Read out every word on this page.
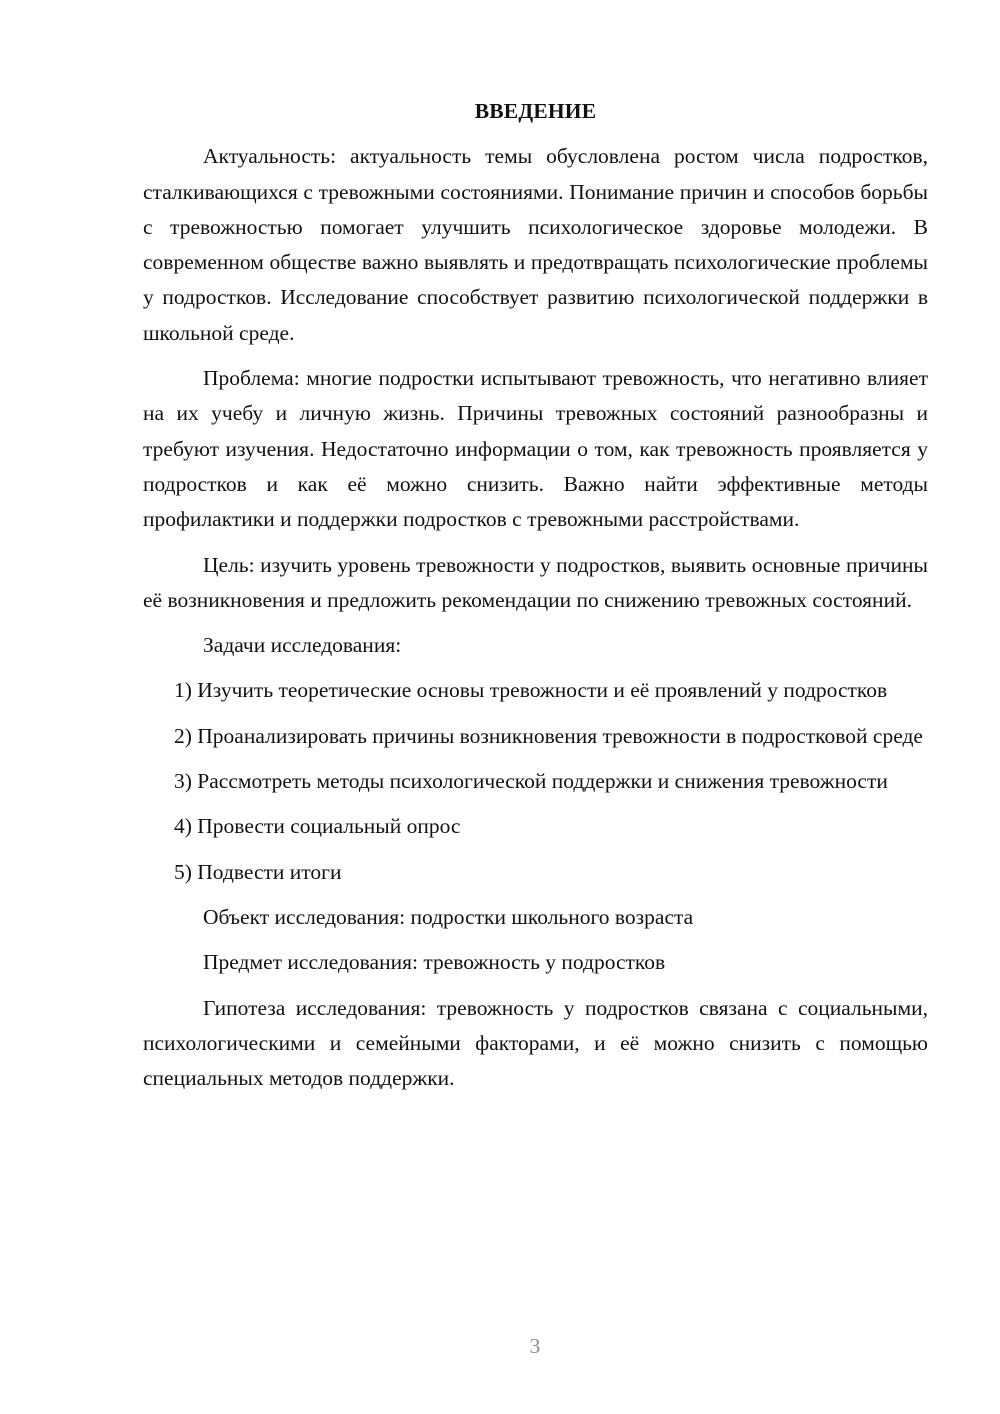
ВВЕДЕНИЕ

Актуальность: актуальность темы обусловлена ростом числа подростков, сталкивающихся с тревожными состояниями. Понимание причин и способов борьбы с тревожностью помогает улучшить психологическое здоровье молодежи. В современном обществе важно выявлять и предотвращать психологические проблемы у подростков. Исследование способствует развитию психологической поддержки в школьной среде.

Проблема: многие подростки испытывают тревожность, что негативно влияет на их учебу и личную жизнь. Причины тревожных состояний разнообразны и требуют изучения. Недостаточно информации о том, как тревожность проявляется у подростков и как её можно снизить. Важно найти эффективные методы профилактики и поддержки подростков с тревожными расстройствами.

Цель: изучить уровень тревожности у подростков, выявить основные причины её возникновения и предложить рекомендации по снижению тревожных состояний.

Задачи исследования:

1) Изучить теоретические основы тревожности и её проявлений у подростков

2) Проанализировать причины возникновения тревожности в подростковой среде

3) Рассмотреть методы психологической поддержки и снижения тревожности

4) Провести социальный опрос

5) Подвести итоги

Объект исследования: подростки школьного возраста

Предмет исследования: тревожность у подростков

Гипотеза исследования: тревожность у подростков связана с социальными, психологическими и семейными факторами, и её можно снизить с помощью специальных методов поддержки.

3
